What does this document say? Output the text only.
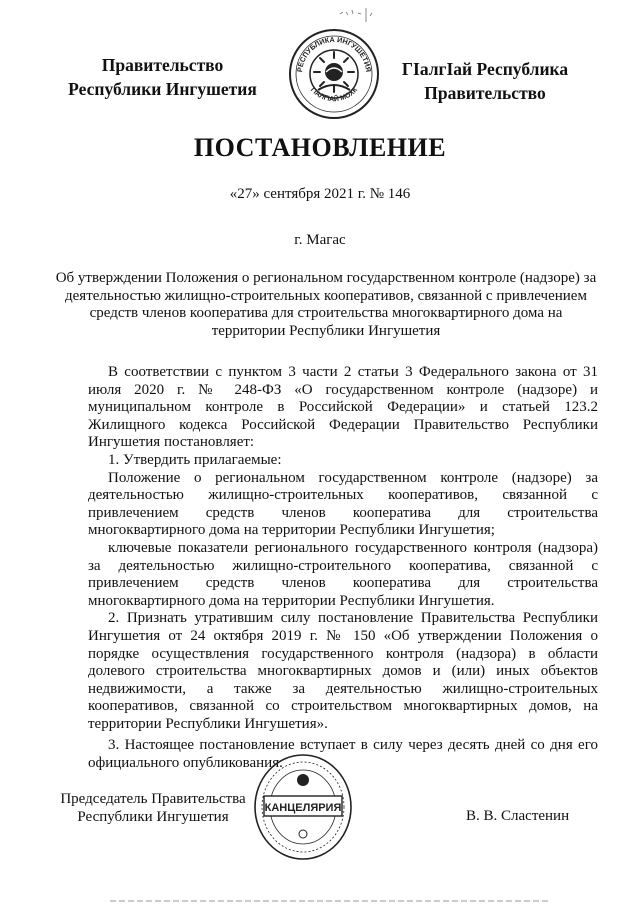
Правительство
Республики Ингушетия
РЕСПУБЛИКА ИНГУШЕТИЯ
ГIАЛГIАЙ МОХК
ГIалгIай Республика
Правительство
ПОСТАНОВЛЕНИЕ
«27» сентября 2021 г. № 146
г. Магас
Об утверждении Положения о региональном государственном контроле (надзоре) за деятельностью жилищно-строительных кооперативов, связанной с привлечением средств членов кооператива для строительства многоквартирного дома на территории Республики Ингушетия

В соответствии с пунктом 3 части 2 статьи 3 Федерального закона от 31 июля 2020 г. № 248-ФЗ «О государственном контроле (надзоре) и муниципальном контроле в Российской Федерации» и статьей 123.2 Жилищного кодекса Российской Федерации Правительство Республики Ингушетия постановляет:

1. Утвердить прилагаемые:

Положение о региональном государственном контроле (надзоре) за деятельностью жилищно-строительных кооперативов, связанной с привлечением средств членов кооператива для строительства многоквартирного дома на территории Республики Ингушетия;

ключевые показатели регионального государственного контроля (надзора) за деятельностью жилищно-строительного кооператива, связанной с привлечением средств членов кооператива для строительства многоквартирного дома на территории Республики Ингушетия.

2. Признать утратившим силу постановление Правительства Республики Ингушетия от 24 октября 2019 г. № 150 «Об утверждении Положения о порядке осуществления государственного контроля (надзора) в области долевого строительства многоквартирных домов и (или) иных объектов недвижимости, а также за деятельностью жилищно-строительных кооперативов, связанной со строительством многоквартирных домов, на территории Республики Ингушетия».

3. Настоящее постановление вступает в силу через десять дней со дня его официального опубликования.

Председатель Правительства
Республики Ингушетия
КАНЦЕЛЯРИЯ	В. В. Сластенин
